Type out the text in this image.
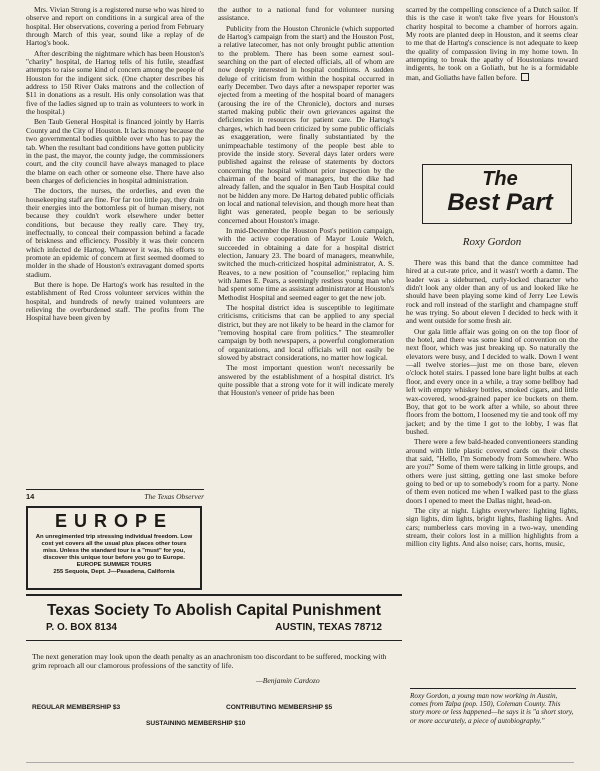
Mrs. Vivian Strong is a registered nurse who was hired to observe and report on conditions in a surgical area of the hospital. Her observations, covering a period from February through March of this year, sound like a replay of de Hartog's book.

After describing the nightmare which has been Houston's "charity" hospital, de Hartog tells of his futile, steadfast attempts to raise some kind of concern among the people of Houston for the indigent sick. (One chapter describes his address to 150 River Oaks matrons and the collection of $11 in donations as a result. His only consolation was that five of the ladies signed up to train as volunteers to work in the hospital.)

Ben Taub General Hospital is financed jointly by Harris County and the City of Houston. It lacks money because the two governmental bodies quibble over who has to pay the tab. When the resultant bad conditions have gotten publicity in the past, the mayor, the county judge, the commissioners court, and the city council have always managed to place the blame on each other or someone else. There have also been charges of deficiencies in hospital administration.

The doctors, the nurses, the orderlies, and even the housekeeping staff are fine. For far too little pay, they drain their energies into the bottomless pit of human misery, not because they couldn't work elsewhere under better conditions, but because they really care. They try, ineffectually, to conceal their compassion behind a facade of briskness and efficiency. Possibly it was their concern which infected de Hartog. Whatever it was, his efforts to promote an epidemic of concern at first seemed doomed to molder in the shade of Houston's extravagant domed sports stadium.

But there is hope. De Hartog's work has resulted in the establishment of Red Cross volunteer services within the hospital, and hundreds of newly trained volunteers are relieving the overburdened staff. The profits from The Hospital have been given by

14	The Texas Observer
EUROPE
An unregimented trip stressing individual freedom. Low cost yet covers all the usual plus places other tours miss. Unless the standard tour is a "must" for you, discover this unique tour before you go to Europe.
EUROPE SUMMER TOURS
255 Sequoia, Dept. J—Pasadena, California

the author to a national fund for volunteer nursing assistance.

Publicity from the Houston Chronicle (which supported de Hartog's campaign from the start) and the Houston Post, a relative latecomer, has not only brought public attention to the problem. There has been some earnest soul-searching on the part of elected officials, all of whom are now deeply interested in hospital conditions. A sudden deluge of criticism from within the hospital occurred in early December. Two days after a newspaper reporter was ejected from a meeting of the hospital board of managers (arousing the ire of the Chronicle), doctors and nurses started making public their own grievances against the deficiencies in resources for patient care. De Hartog's charges, which had been criticized by some public officials as exaggeration, were finally substantiated by the unimpeachable testimony of the people best able to provide the inside story. Several days later orders were published against the release of statements by doctors concerning the hospital without prior inspection by the chairman of the board of managers, but the dike had already fallen, and the squalor in Ben Taub Hospital could not be hidden any more. De Hartog debated public officials on local and national television, and though more heat than light was generated, people began to be seriously concerned about Houston's image.

In mid-December the Houston Post's petition campaign, with the active cooperation of Mayor Louie Welch, succeeded in obtaining a date for a hospital district election, January 23. The board of managers, meanwhile, switched the much-criticized hospital administrator, A. S. Reaves, to a new position of "counsellor," replacing him with James E. Pears, a seemingly restless young man who had spent some time as assistant administrator at Houston's Methodist Hospital and seemed eager to get the new job.

The hospital district idea is susceptible to legitimate criticisms, criticisms that can be applied to any special district, but they are not likely to be heard in the clamor for "removing hospital care from politics." The steamroller campaign by both newspapers, a powerful conglomeration of organizations, and local officials will not easily be slowed by abstract considerations, no matter how logical.

The most important question won't necessarily be answered by the establishment of a hospital district. It's quite possible that a strong vote for it will indicate merely that Houston's veneer of pride has been

scarred by the compelling conscience of a Dutch sailor. If this is the case it won't take five years for Houston's charity hospital to become a chamber of horrors again. My roots are planted deep in Houston, and it seems clear to me that de Hartog's conscience is not adequate to keep the quality of compassion living in my home town. In attempting to break the apathy of Houstonians toward indigents, he took on a Goliath, but he is a formidable man, and Goliaths have fallen before.

The
Best Part
Roxy Gordon

There was this band that the dance committee had hired at a cut-rate price, and it wasn't worth a damn. The leader was a sideburned, curly-locked character who didn't look any older than any of us and looked like he should have been playing some kind of Jerry Lee Lewis rock and roll instead of the starlight and champagne stuff he was trying. So about eleven I decided to heck with it and went outside for some fresh air.

Our gala little affair was going on on the top floor of the hotel, and there was some kind of convention on the next floor, which was just breaking up. So naturally the elevators were busy, and I decided to walk. Down I went—all twelve stories—just me on those bare, eleven o'clock hotel stairs. I passed lone bare light bulbs at each floor, and every once in a while, a tray some bellboy had left with empty whiskey bottles, smoked cigars, and little wax-covered, wood-grained paper ice buckets on them. Boy, that got to be work after a while, so about three floors from the bottom, I loosened my tie and took off my jacket; and by the time I got to the lobby, I was flat bushed.

There were a few bald-headed conventioneers standing around with little plastic covered cards on their chests that said, "Hello, I'm Somebody from Somewhere. Who are you?" Some of them were talking in little groups, and others were just sitting, getting one last smoke before going to bed or up to somebody's room for a party. None of them even noticed me when I walked past to the glass doors I opened to meet the Dallas night, head-on.

The city at night. Lights everywhere: lighting lights, sign lights, dim lights, bright lights, flashing lights. And cars; numberless cars moving in a two-way, unending stream, their colors lost in a million highlights from a million city lights. And also noise; cars, horns, music,

Roxy Gordon, a young man now working in Austin, comes from Talpa (pop. 150), Coleman County. This story more or less happened—he says it is "a short story, or more accurately, a piece of autobiography."
Texas Society To Abolish Capital Punishment
P. O. BOX 8134	AUSTIN, TEXAS 78712
The next generation may look upon the death penalty as an anachronism too discordant to be suffered, mocking with grim reproach all our clamorous professions of the sanctity of life.
—Benjamin Cardozo
REGULAR MEMBERSHIP $3	CONTRIBUTING MEMBERSHIP $5
SUSTAINING MEMBERSHIP $10
